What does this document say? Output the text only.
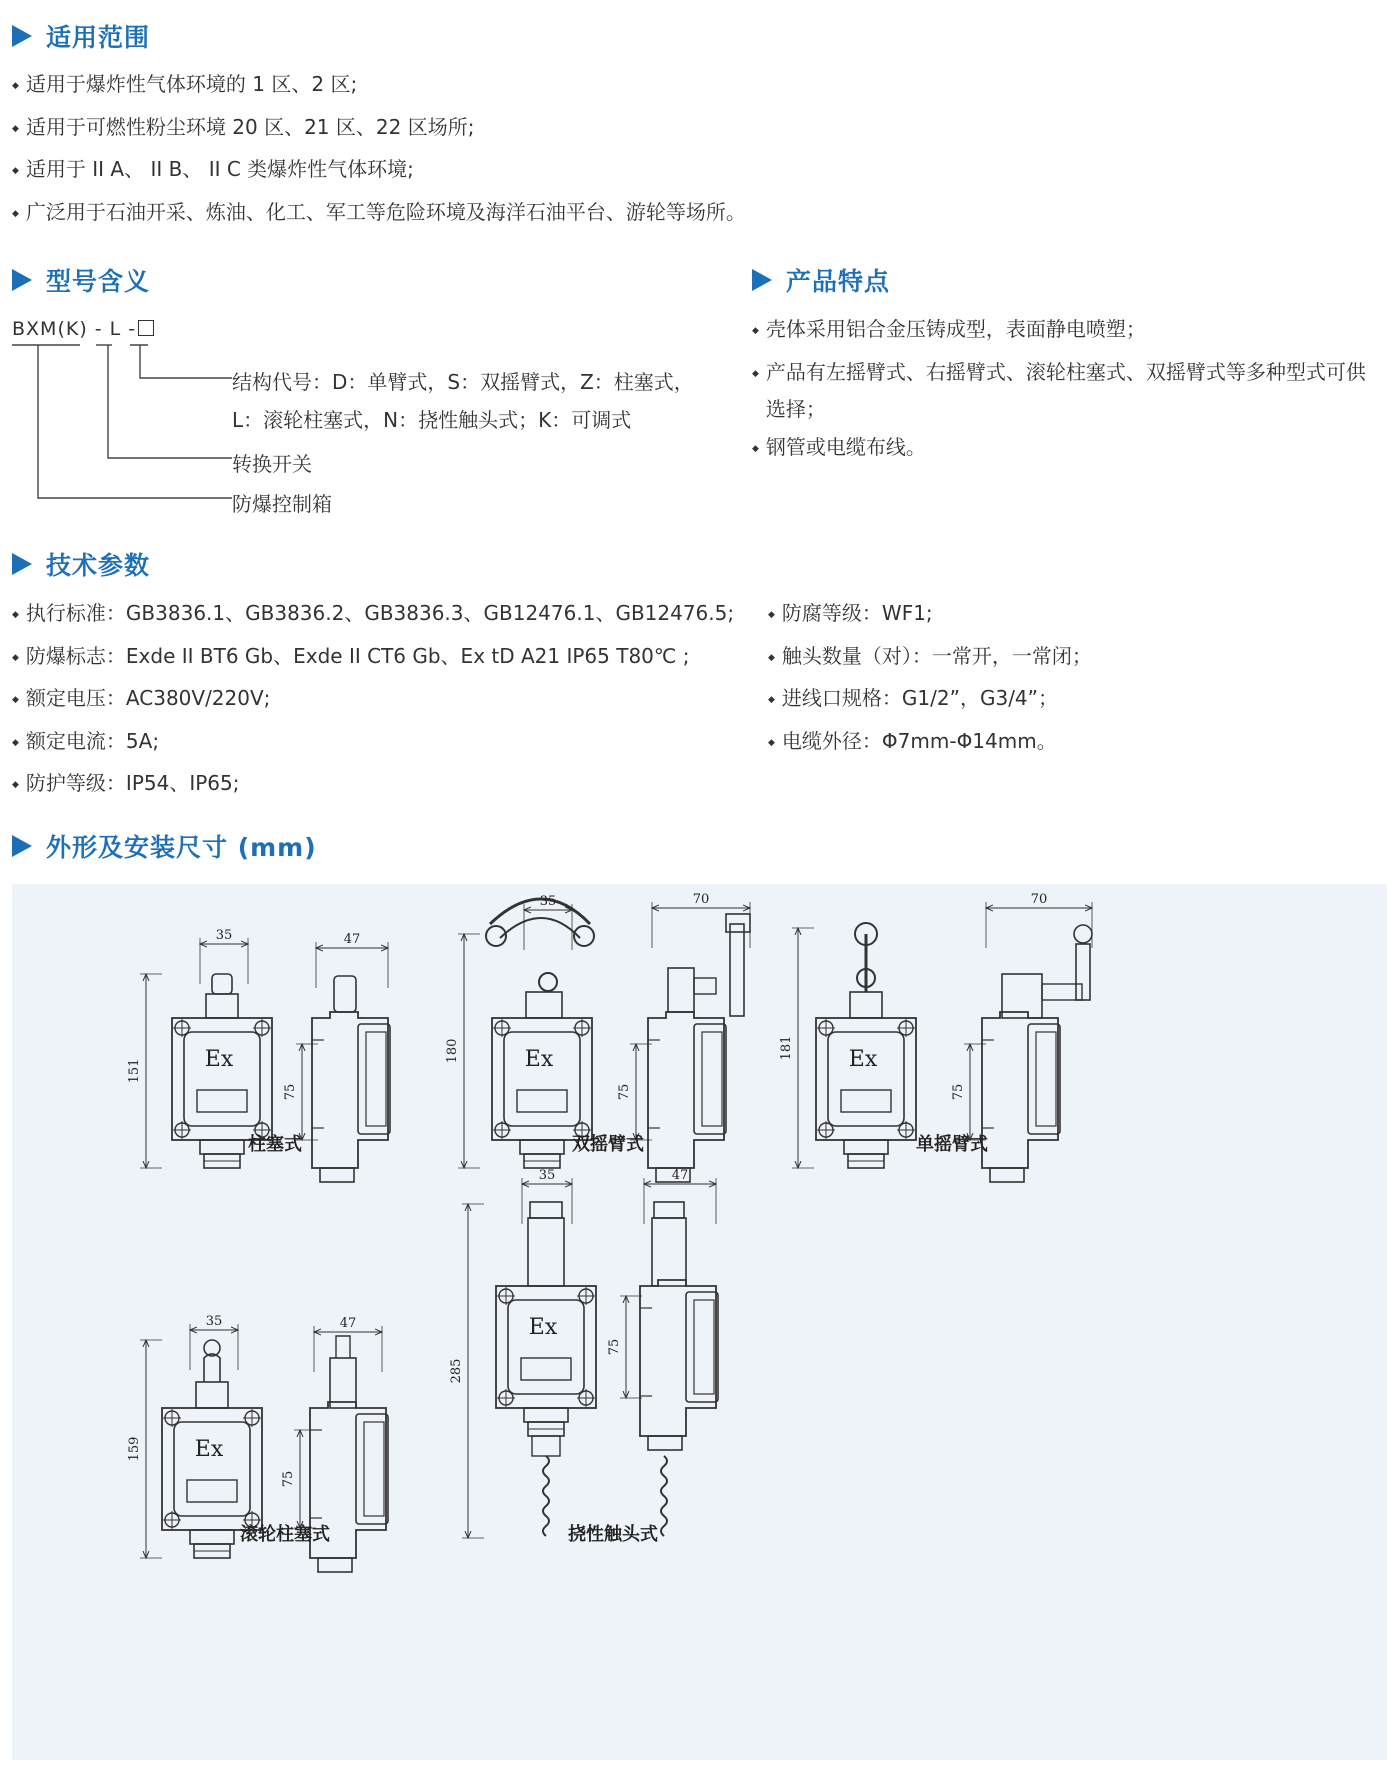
适用范围
◆ 适用于爆炸性气体环境的 1 区、2 区;
◆ 适用于可燃性粉尘环境 20 区、21 区、22 区场所;
◆ 适用于 II A、 II B、 II C 类爆炸性气体环境;
◆ 广泛用于石油开采、炼油、化工、军工等危险环境及海洋石油平台、游轮等场所。
型号含义
BXM(K) - L -
结构代号：D：单臂式，S：双摇臂式，Z：柱塞式，
L：滚轮柱塞式，N：挠性触头式；K：可调式
转换开关
防爆控制箱
产品特点
◆ 壳体采用铝合金压铸成型，表面静电喷塑；
◆ 产品有左摇臂式、右摇臂式、滚轮柱塞式、双摇臂式等多种型式可供选择；
◆ 钢管或电缆布线。
技术参数
◆ 执行标准：GB3836.1、GB3836.2、GB3836.3、GB12476.1、GB12476.5;
◆ 防爆标志：Exde II BT6 Gb、Exde II CT6 Gb、Ex tD A21 IP65 T80℃ ;
◆ 额定电压：AC380V/220V;
◆ 额定电流：5A;
◆ 防护等级：IP54、IP65;
◆ 防腐等级：WF1;
◆ 触头数量（对）：一常开，一常闭；
◆ 进线口规格：G1/2”，G3/4”；
◆ 电缆外径：Φ7mm-Φ14mm。
外形及安装尺寸 (mm)
Ex
35
151
47
75
Ex
35
180
70
75
Ex
181
70
75
Ex
35
159
47
75
Ex
35
285
47
75
柱塞式	双摇臂式	单摇臂式
滚轮柱塞式	挠性触头式
